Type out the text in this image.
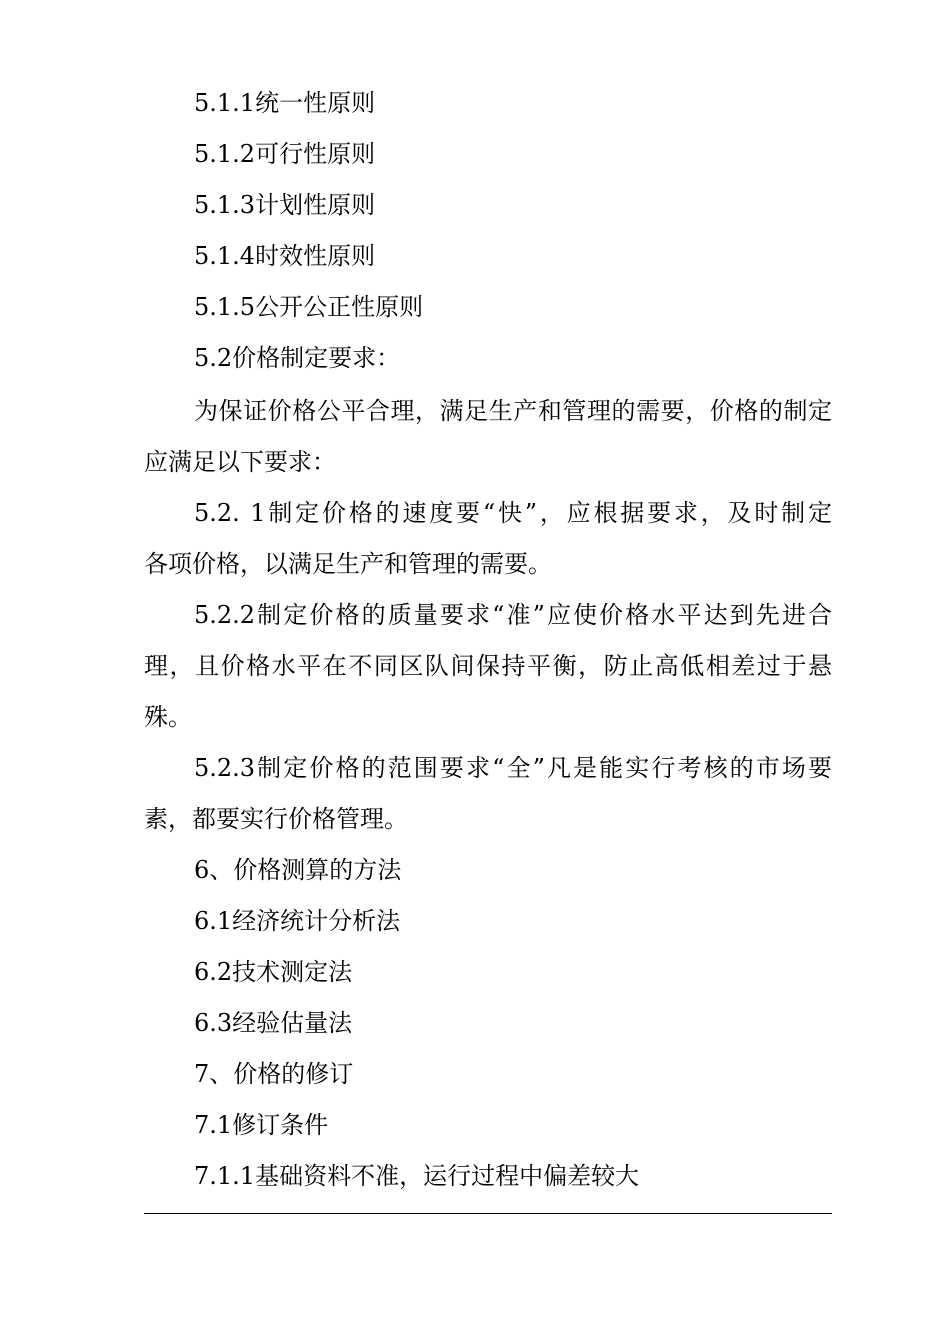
5.1.1统一性原则
5.1.2可行性原则
5.1.3计划性原则
5.1.4时效性原则
5.1.5公开公正性原则
5.2价格制定要求：
为保证价格公平合理，满足生产和管理的需要，价格的制定
应满足以下要求：
5.2. 1制定价格的速度要“快”，应根据要求，及时制定
各项价格，以满足生产和管理的需要。
5.2.2制定价格的质量要求“准”应使价格水平达到先进合
理，且价格水平在不同区队间保持平衡，防止高低相差过于悬
殊。
5.2.3制定价格的范围要求“全”凡是能实行考核的市场要
素，都要实行价格管理。
6、价格测算的方法
6.1经济统计分析法
6.2技术测定法
6.3经验估量法
7、价格的修订
7.1修订条件
7.1.1基础资料不准，运行过程中偏差较大
